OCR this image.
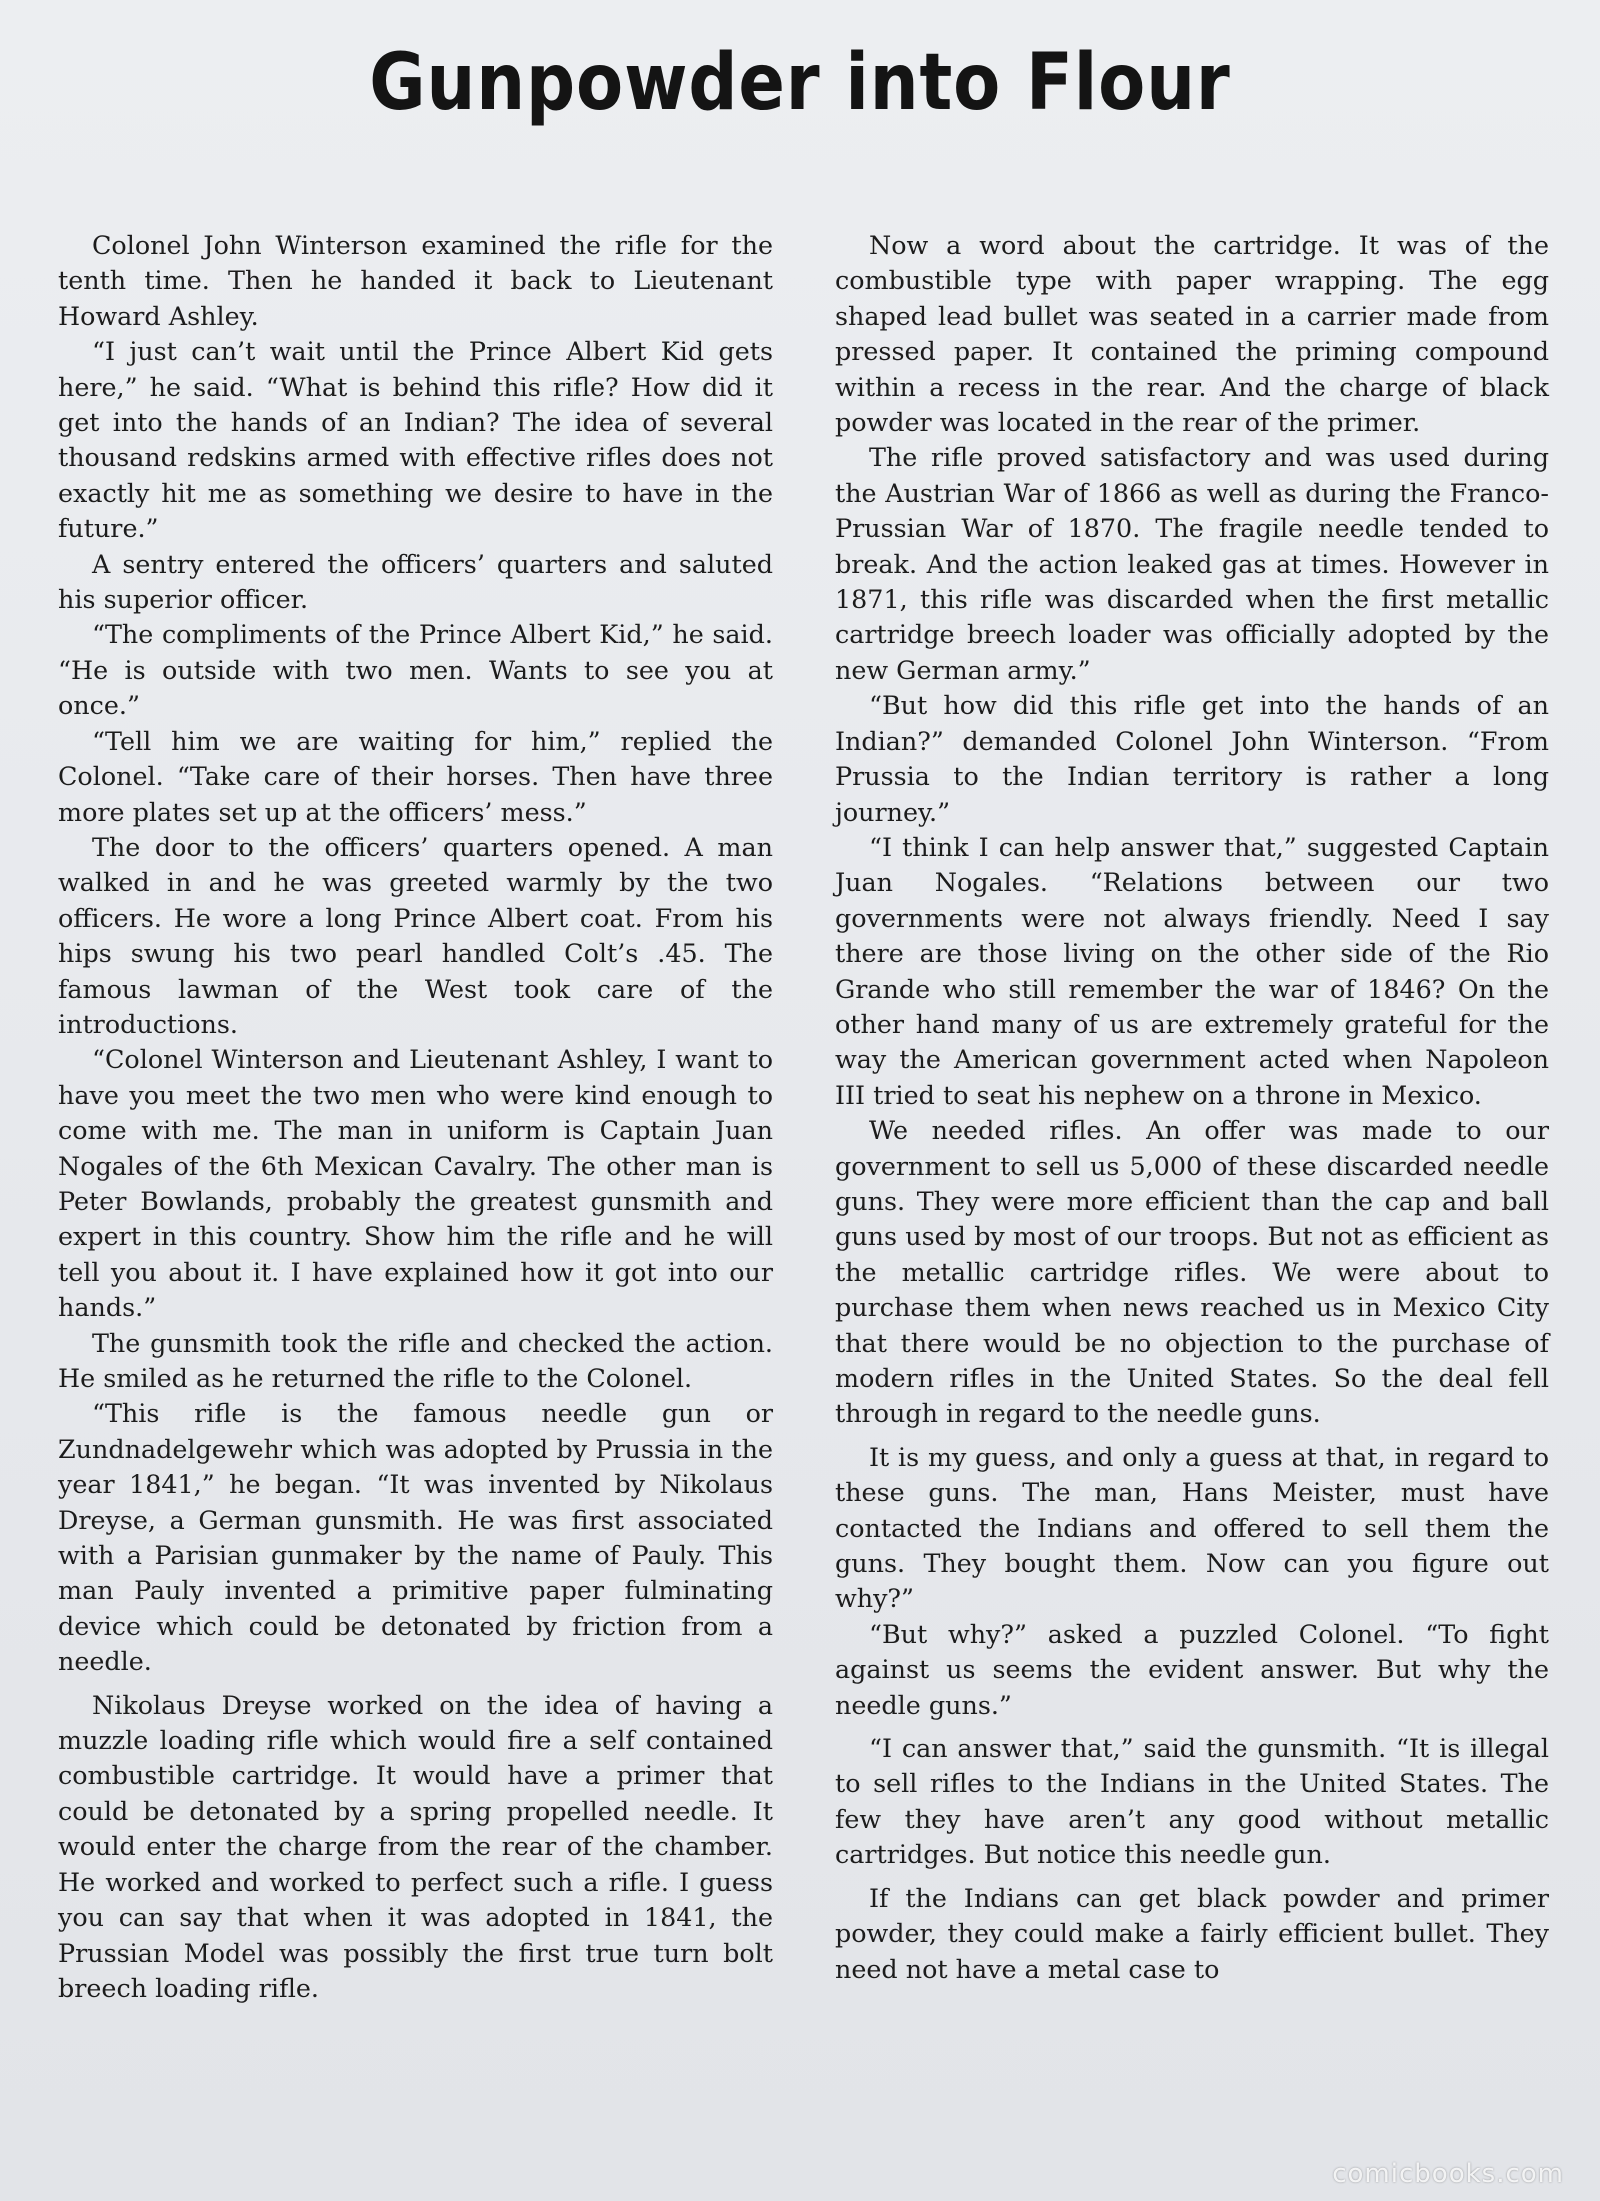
Gunpowder into Flour

Colonel John Winterson examined the rifle for the tenth time. Then he handed it back to Lieutenant Howard Ashley.

“I just can’t wait until the Prince Albert Kid gets here,” he said. “What is behind this rifle? How did it get into the hands of an Indian? The idea of several thousand redskins armed with effective rifles does not exactly hit me as something we desire to have in the future.”

A sentry entered the officers’ quarters and saluted his superior officer.

“The compliments of the Prince Albert Kid,” he said. “He is outside with two men. Wants to see you at once.”

“Tell him we are waiting for him,” replied the Colonel. “Take care of their horses. Then have three more plates set up at the officers’ mess.”

The door to the officers’ quarters opened. A man walked in and he was greeted warmly by the two officers. He wore a long Prince Albert coat. From his hips swung his two pearl handled Colt’s .45. The famous lawman of the West took care of the introductions.

“Colonel Winterson and Lieutenant Ashley, I want to have you meet the two men who were kind enough to come with me. The man in uniform is Captain Juan Nogales of the 6th Mexican Cavalry. The other man is Peter Bowlands, probably the greatest gunsmith and expert in this country. Show him the rifle and he will tell you about it. I have explained how it got into our hands.”

The gunsmith took the rifle and checked the action. He smiled as he returned the rifle to the Colonel.

“This rifle is the famous needle gun or Zundnadelgewehr which was adopted by Prussia in the year 1841,” he began. “It was invented by Nikolaus Dreyse, a German gunsmith. He was first associated with a Parisian gunmaker by the name of Pauly. This man Pauly invented a primitive paper fulminating device which could be detonated by friction from a needle.

Nikolaus Dreyse worked on the idea of having a muzzle loading rifle which would fire a self contained combustible cartridge. It would have a primer that could be detonated by a spring propelled needle. It would enter the charge from the rear of the chamber. He worked and worked to perfect such a rifle. I guess you can say that when it was adopted in 1841, the Prussian Model was possibly the first true turn bolt breech loading rifle.

Now a word about the cartridge. It was of the combustible type with paper wrapping. The egg shaped lead bullet was seated in a carrier made from pressed paper. It contained the priming compound within a recess in the rear. And the charge of black powder was located in the rear of the primer.

The rifle proved satisfactory and was used during the Austrian War of 1866 as well as during the Franco-Prussian War of 1870. The fragile needle tended to break. And the action leaked gas at times. However in 1871, this rifle was discarded when the first metallic cartridge breech loader was officially adopted by the new German army.”

“But how did this rifle get into the hands of an Indian?” demanded Colonel John Winterson. “From Prussia to the Indian territory is rather a long journey.”

“I think I can help answer that,” suggested Captain Juan Nogales. “Relations between our two governments were not always friendly. Need I say there are those living on the other side of the Rio Grande who still remember the war of 1846? On the other hand many of us are extremely grateful for the way the American government acted when Napoleon III tried to seat his nephew on a throne in Mexico.

We needed rifles. An offer was made to our government to sell us 5,000 of these discarded needle guns. They were more efficient than the cap and ball guns used by most of our troops. But not as efficient as the metallic cartridge rifles. We were about to purchase them when news reached us in Mexico City that there would be no objection to the purchase of modern rifles in the United States. So the deal fell through in regard to the needle guns.

It is my guess, and only a guess at that, in regard to these guns. The man, Hans Meister, must have contacted the Indians and offered to sell them the guns. They bought them. Now can you figure out why?”

“But why?” asked a puzzled Colonel. “To fight against us seems the evident answer. But why the needle guns.”

“I can answer that,” said the gunsmith. “It is illegal to sell rifles to the Indians in the United States. The few they have aren’t any good without metallic cartridges. But notice this needle gun.

If the Indians can get black powder and primer powder, they could make a fairly efficient bullet. They need not have a metal case to

comicbooks.com
